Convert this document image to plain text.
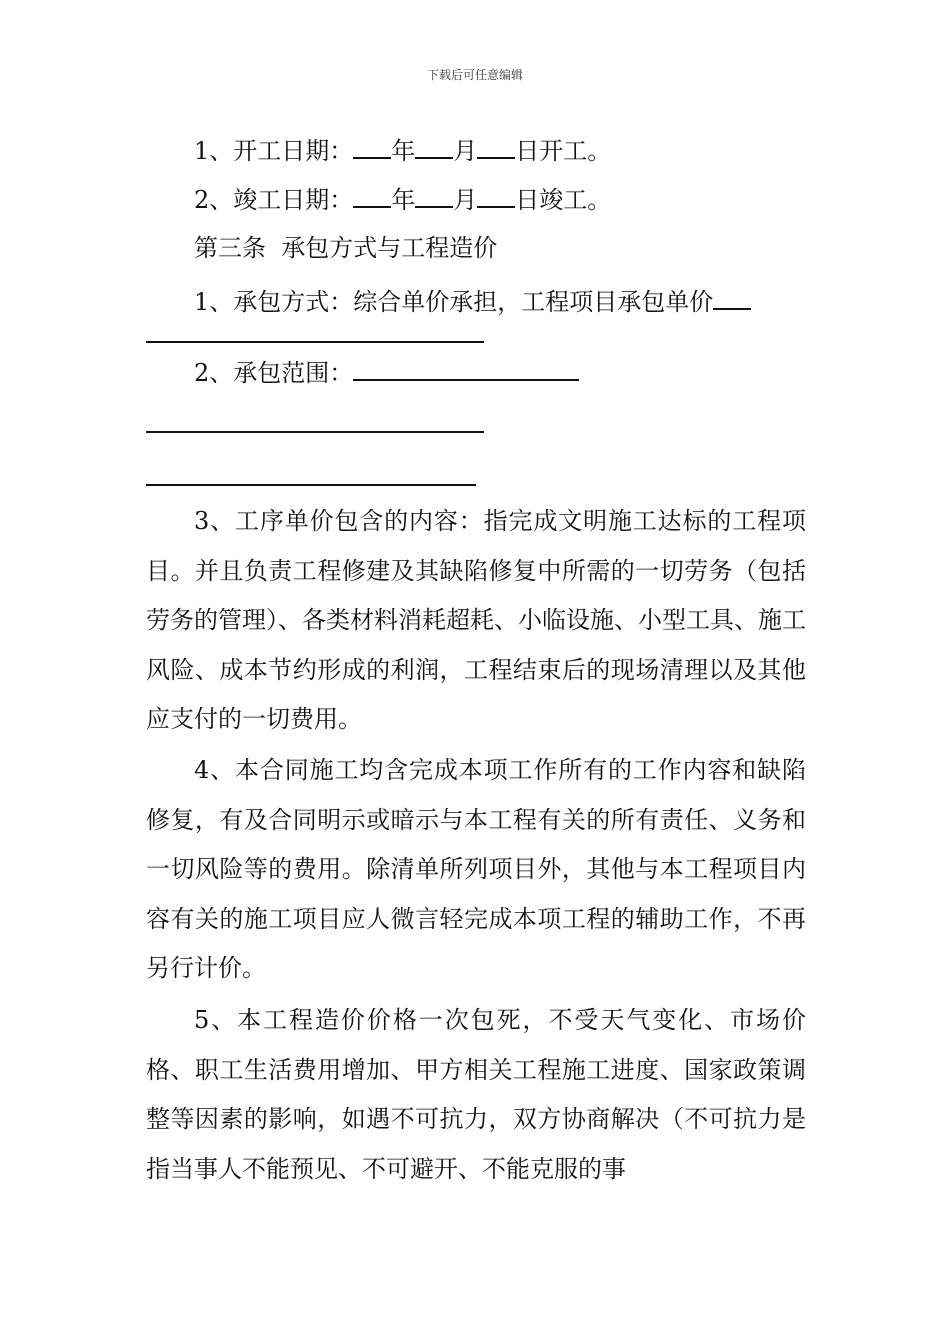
下载后可任意编辑
1、开工日期： 年 月 日开工。
2、竣工日期： 年 月 日竣工。
第三条  承包方式与工程造价
1、承包方式：综合单价承担，工程项目承包单价
2、承包范围：
3、工序单价包含的内容：指完成文明施工达标的工程项目。并且负责工程修建及其缺陷修复中所需的一切劳务（包括劳务的管理）、各类材料消耗超耗、小临设施、小型工具、施工风险、成本节约形成的利润，工程结束后的现场清理以及其他应支付的一切费用。
4、本合同施工均含完成本项工作所有的工作内容和缺陷修复，有及合同明示或暗示与本工程有关的所有责任、义务和一切风险等的费用。除清单所列项目外，其他与本工程项目内容有关的施工项目应人微言轻完成本项工程的辅助工作，不再另行计价。
5、本工程造价价格一次包死，不受天气变化、市场价格、职工生活费用增加、甲方相关工程施工进度、国家政策调整等因素的影响，如遇不可抗力，双方协商解决（不可抗力是指当事人不能预见、不可避开、不能克服的事
